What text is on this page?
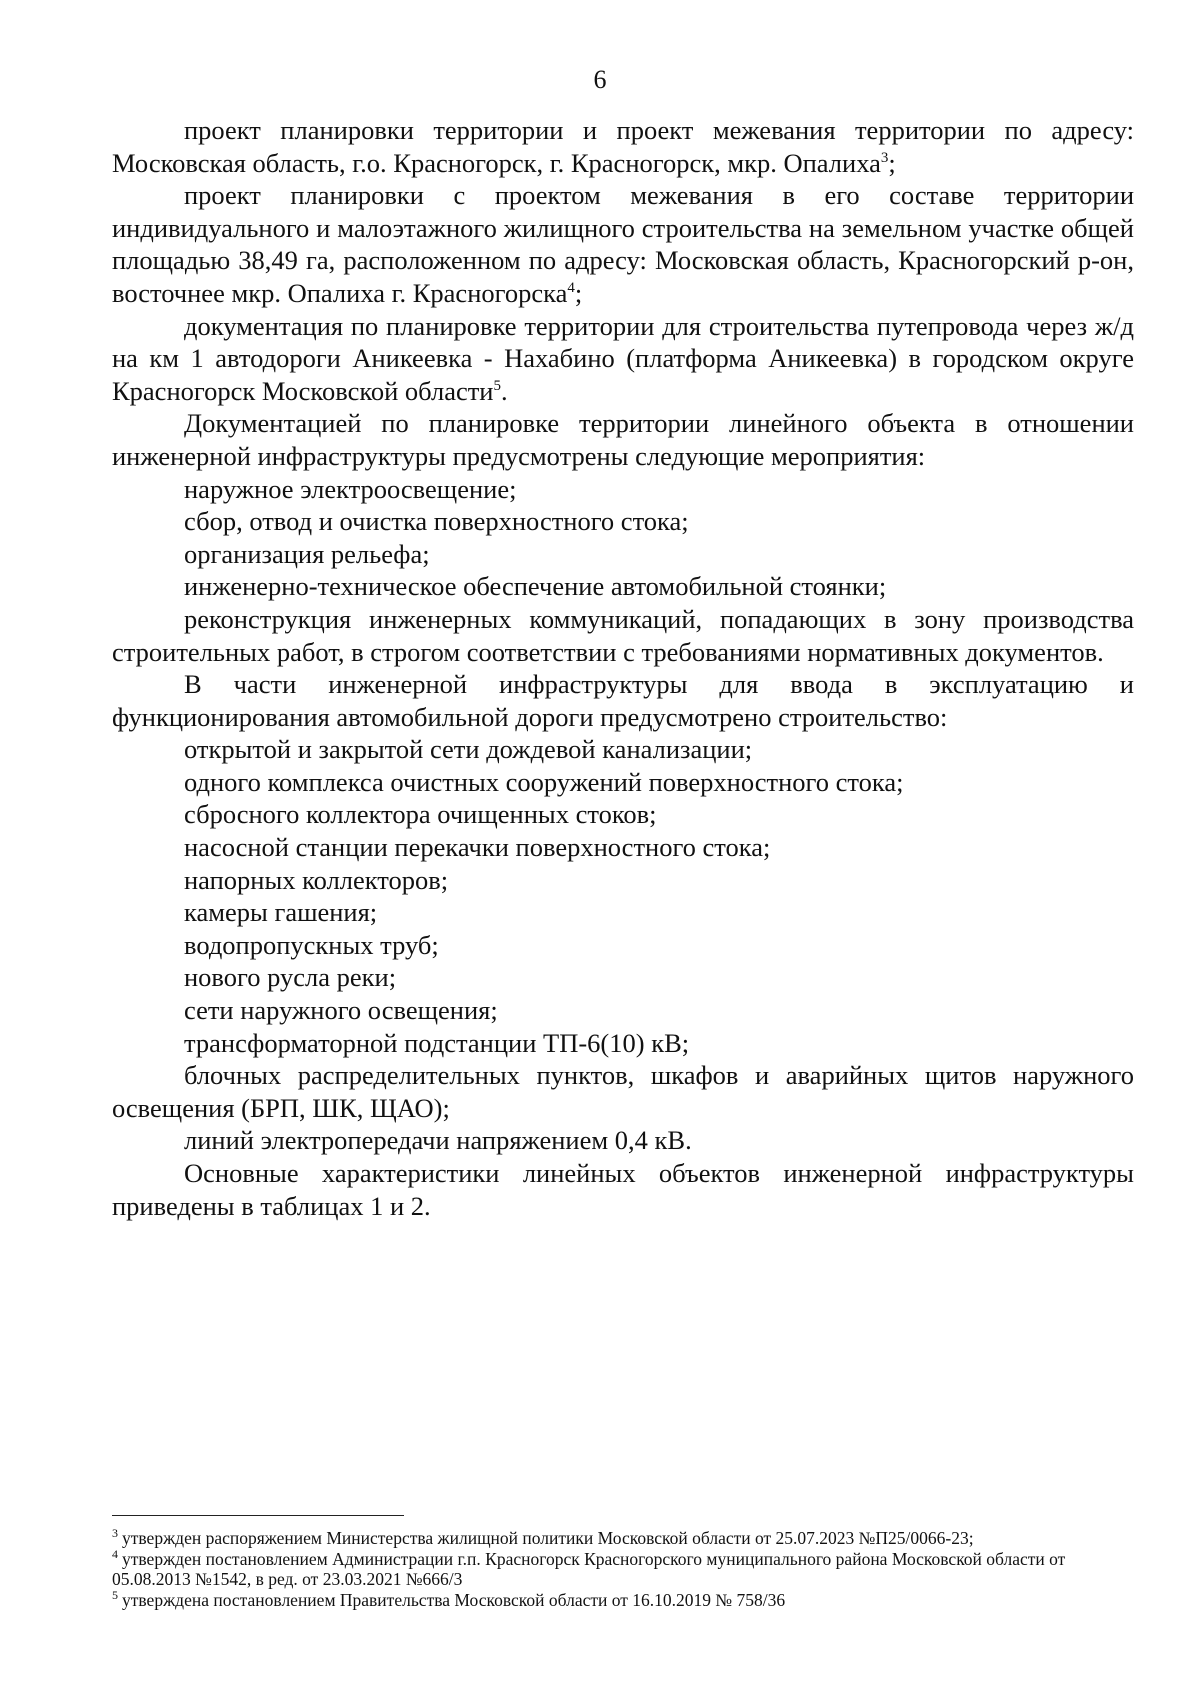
6

проект планировки территории и проект межевания территории по адресу: Московская область, г.о. Красногорск, г. Красногорск, мкр. Опалиха$^3$;

проект планировки с проектом межевания в его составе территории индивидуального и малоэтажного жилищного строительства на земельном участке общей площадью 38,49 га, расположенном по адресу: Московская область, Красногорский р-он, восточнее мкр. Опалиха г. Красногорска$^4$;

документация по планировке территории для строительства путепровода через ж/д на км 1 автодороги Аникеевка - Нахабино (платформа Аникеевка) в городском округе Красногорск Московской области$^5$.

Документацией по планировке территории линейного объекта в отношении инженерной инфраструктуры предусмотрены следующие мероприятия:

наружное электроосвещение;

сбор, отвод и очистка поверхностного стока;

организация рельефа;

инженерно-техническое обеспечение автомобильной стоянки;

реконструкция инженерных коммуникаций, попадающих в зону производства строительных работ, в строгом соответствии с требованиями нормативных документов.

В части инженерной инфраструктуры для ввода в эксплуатацию и функционирования автомобильной дороги предусмотрено строительство:

открытой и закрытой сети дождевой канализации;

одного комплекса очистных сооружений поверхностного стока;

сбросного коллектора очищенных стоков;

насосной станции перекачки поверхностного стока;

напорных коллекторов;

камеры гашения;

водопропускных труб;

нового русла реки;

сети наружного освещения;

трансформаторной подстанции ТП-6(10) кВ;

блочных распределительных пунктов, шкафов и аварийных щитов наружного освещения (БРП, ШК, ЩАО);

линий электропередачи напряжением 0,4 кВ.

Основные характеристики линейных объектов инженерной инфраструктуры приведены в таблицах 1 и 2.

$^3$ утвержден распоряжением Министерства жилищной политики Московской области от 25.07.2023 №П25/0066-23;

$^4$ утвержден постановлением Администрации г.п. Красногорск Красногорского муниципального района Московской области от 05.08.2013 №1542, в ред. от 23.03.2021 №666/3

$^5$ утверждена постановлением Правительства Московской области от 16.10.2019 № 758/36
